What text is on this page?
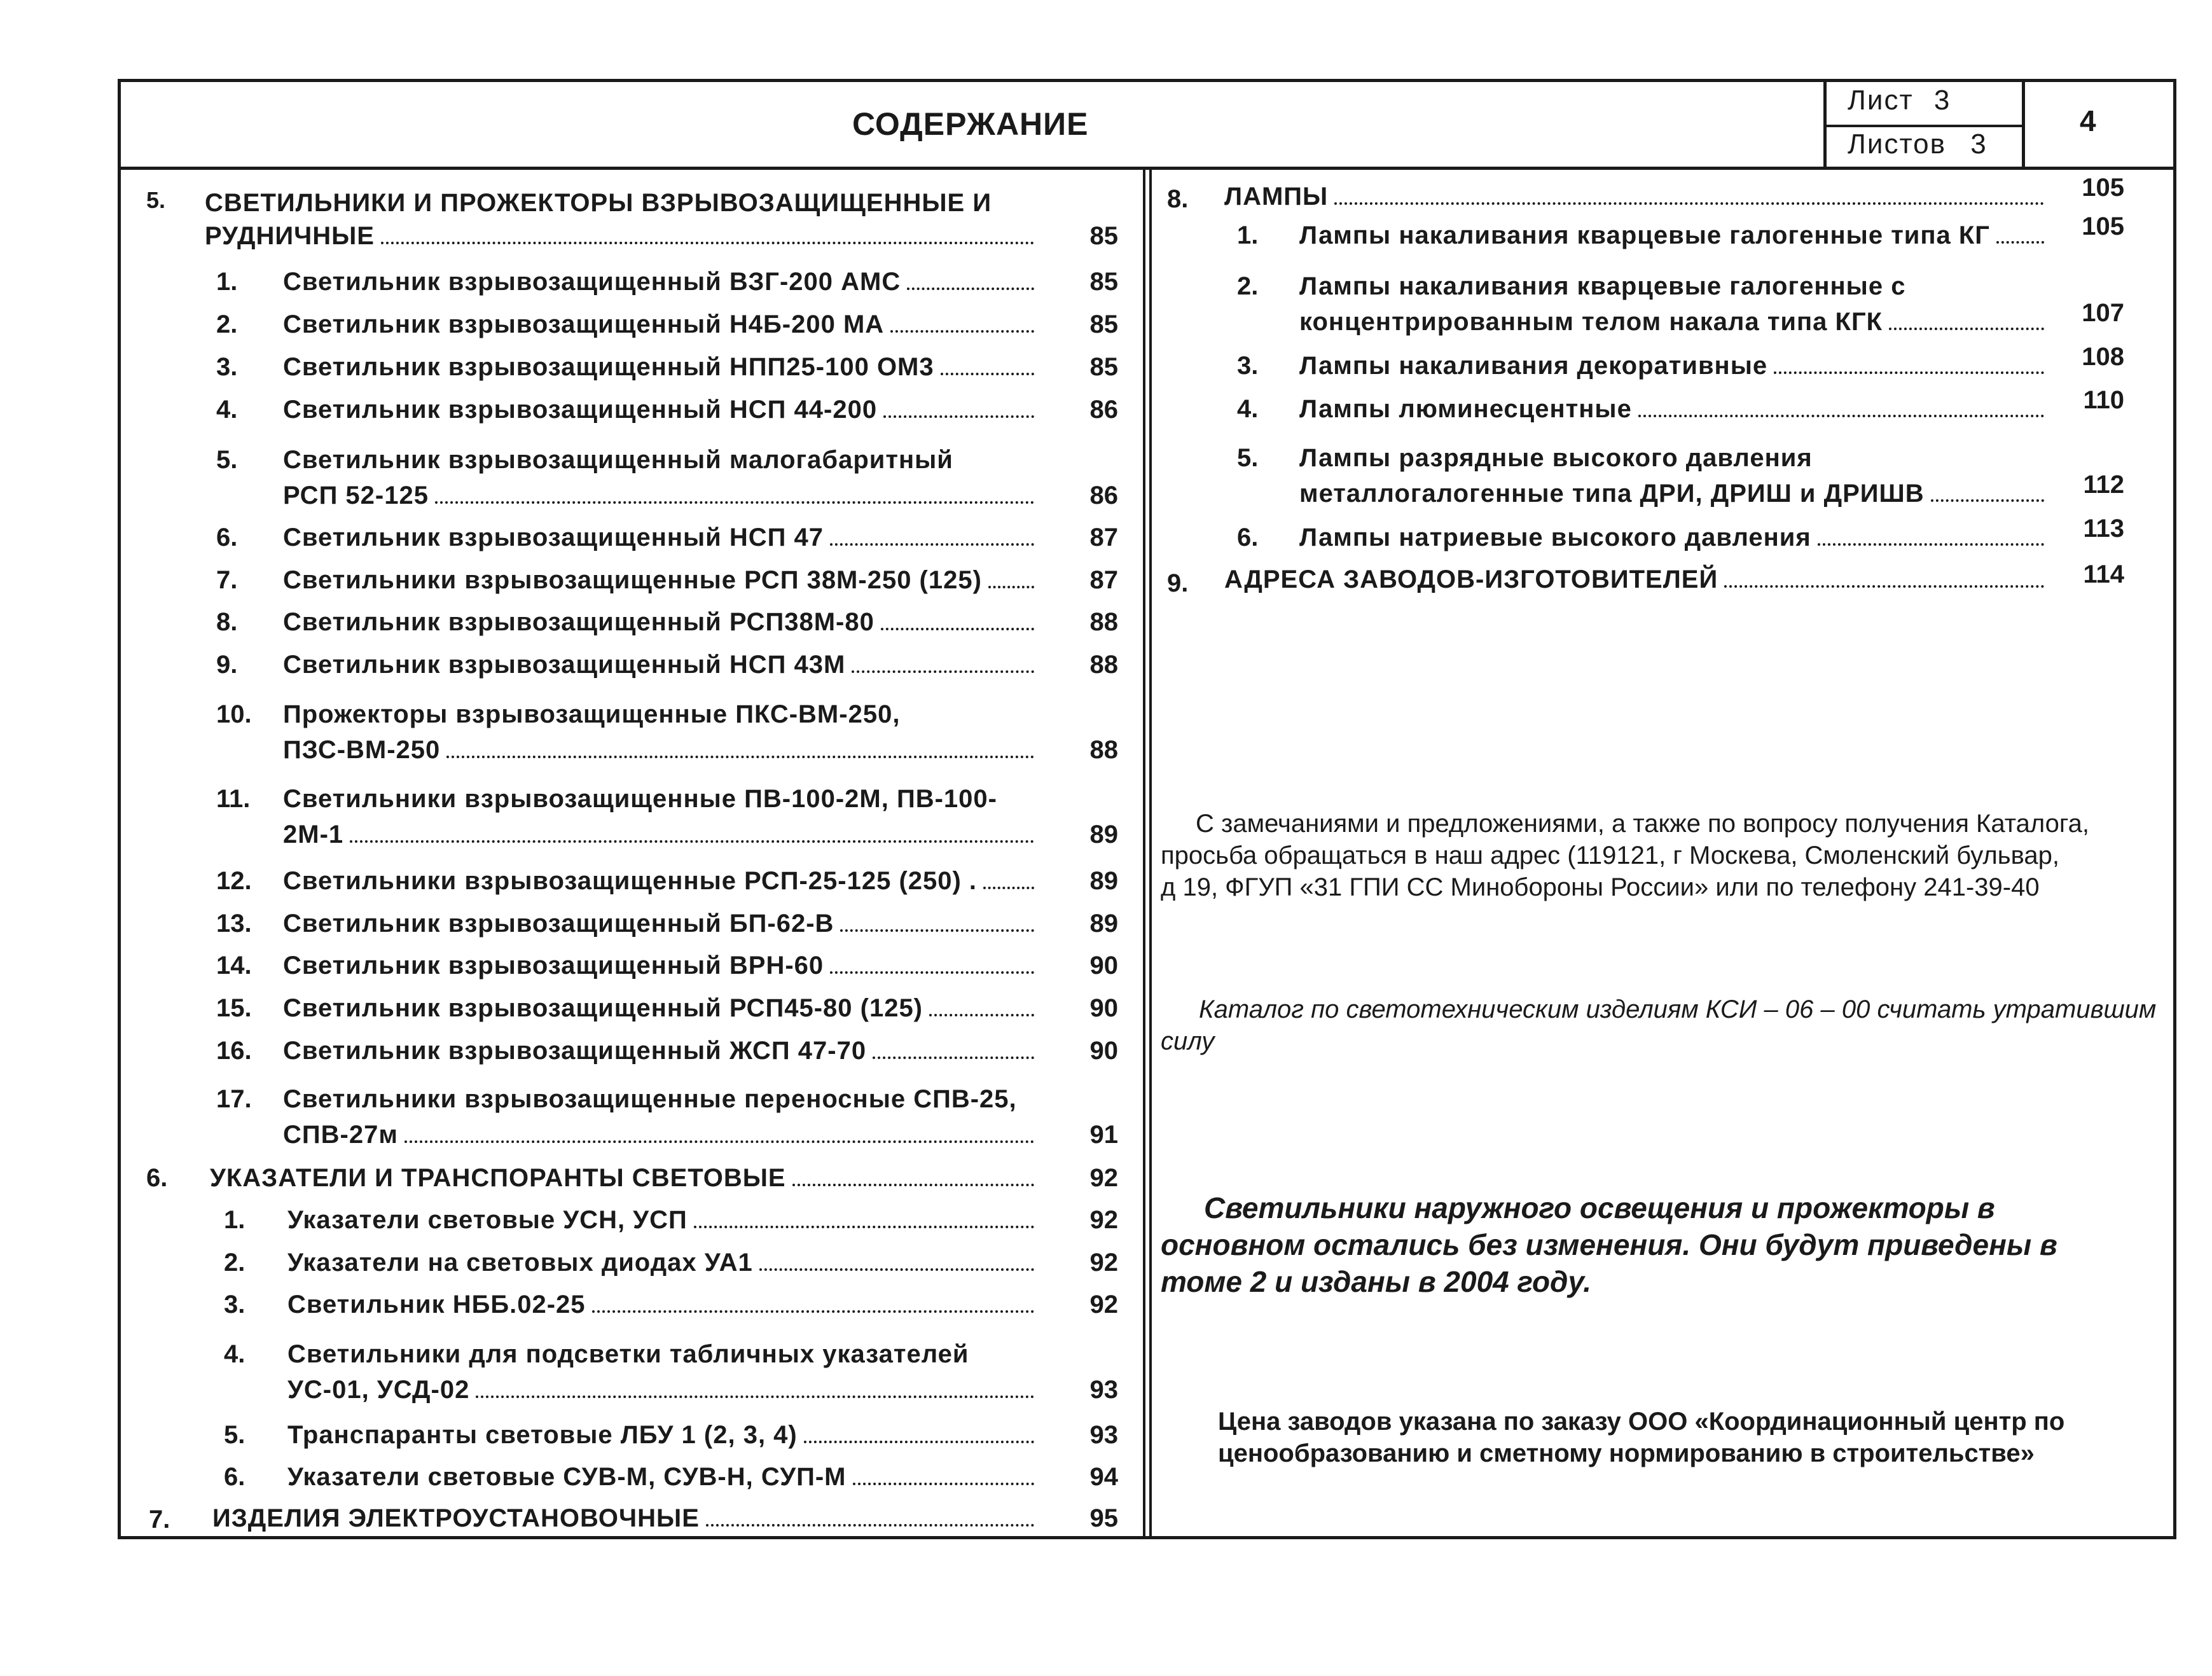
СОДЕРЖАНИЕ
Лист 3
Листов 3
4
5. СВЕТИЛЬНИКИ И ПРОЖЕКТОРЫ ВЗРЫВОЗАЩИЩЕННЫЕ И
РУДНИЧНЫЕ	85
1. Светильник взрывозащищенный ВЗГ-200 АМС	85
2. Светильник взрывозащищенный Н4Б-200 МА	85
3. Светильник взрывозащищенный НПП25-100 ОМ3	85
4. Светильник взрывозащищенный НСП 44-200	86
5. Светильник взрывозащищенный малогабаритный
РСП 52-125	86
6. Светильник взрывозащищенный НСП 47	87
7. Светильники взрывозащищенные РСП 38М-250 (125)	87
8. Светильник взрывозащищенный РСП38М-80	88
9. Светильник взрывозащищенный НСП 43М	88
10. Прожекторы взрывозащищенные ПКС-ВМ-250,
ПЗС-ВМ-250	88
11. Светильники взрывозащищенные ПВ-100-2М, ПВ-100-
2М-1	89
12. Светильники взрывозащищенные РСП-25-125 (250) .	89
13. Светильник взрывозащищенный БП-62-В	89
14. Светильник взрывозащищенный ВРН-60	90
15. Светильник взрывозащищенный РСП45-80 (125)	90
16. Светильник взрывозащищенный ЖСП 47-70	90
17. Светильники взрывозащищенные переносные СПВ-25,
СПВ-27м	91
6. УКАЗАТЕЛИ И ТРАНСПОРАНТЫ СВЕТОВЫЕ	92
1. Указатели световые УСН, УСП	92
2. Указатели на световых диодах УА1	92
3. Светильник НББ.02-25	92
4. Светильники для подсветки табличных указателей
УС-01, УСД-02	93
5. Транспаранты световые ЛБУ 1 (2, 3, 4)	93
6. Указатели световые СУВ-М, СУВ-Н, СУП-М	94
7. ИЗДЕЛИЯ ЭЛЕКТРОУСТАНОВОЧНЫЕ	95
8. ЛАМПЫ	105
1. Лампы накаливания кварцевые галогенные типа КГ	105
2. Лампы накаливания кварцевые галогенные с
концентрированным телом накала типа КГК	107
3. Лампы накаливания декоративные	108
4. Лампы люминесцентные	110
5. Лампы разрядные высокого давления
металлогалогенные типа ДРИ, ДРИШ и ДРИШВ	112
6. Лампы натриевые высокого давления	113
9. АДРЕСА ЗАВОДОВ-ИЗГОТОВИТЕЛЕЙ	114
С замечаниями и предложениями, а также по вопросу получения Каталога,
просьба обращаться в наш адрес (119121, г Москева, Смоленский бульвар,
д 19, ФГУП «31 ГПИ СС Минобороны России» или по телефону 241-39-40
Каталог по светотехническим изделиям КСИ – 06 – 00 считать утратившим
силу
Светильники наружного освещения и прожекторы в
основном остались без изменения. Они будут приведены в
томе 2 и изданы в 2004 году.
Цена заводов указана по заказу ООО «Координационный центр по
ценообразованию и сметному нормированию в строительстве»
